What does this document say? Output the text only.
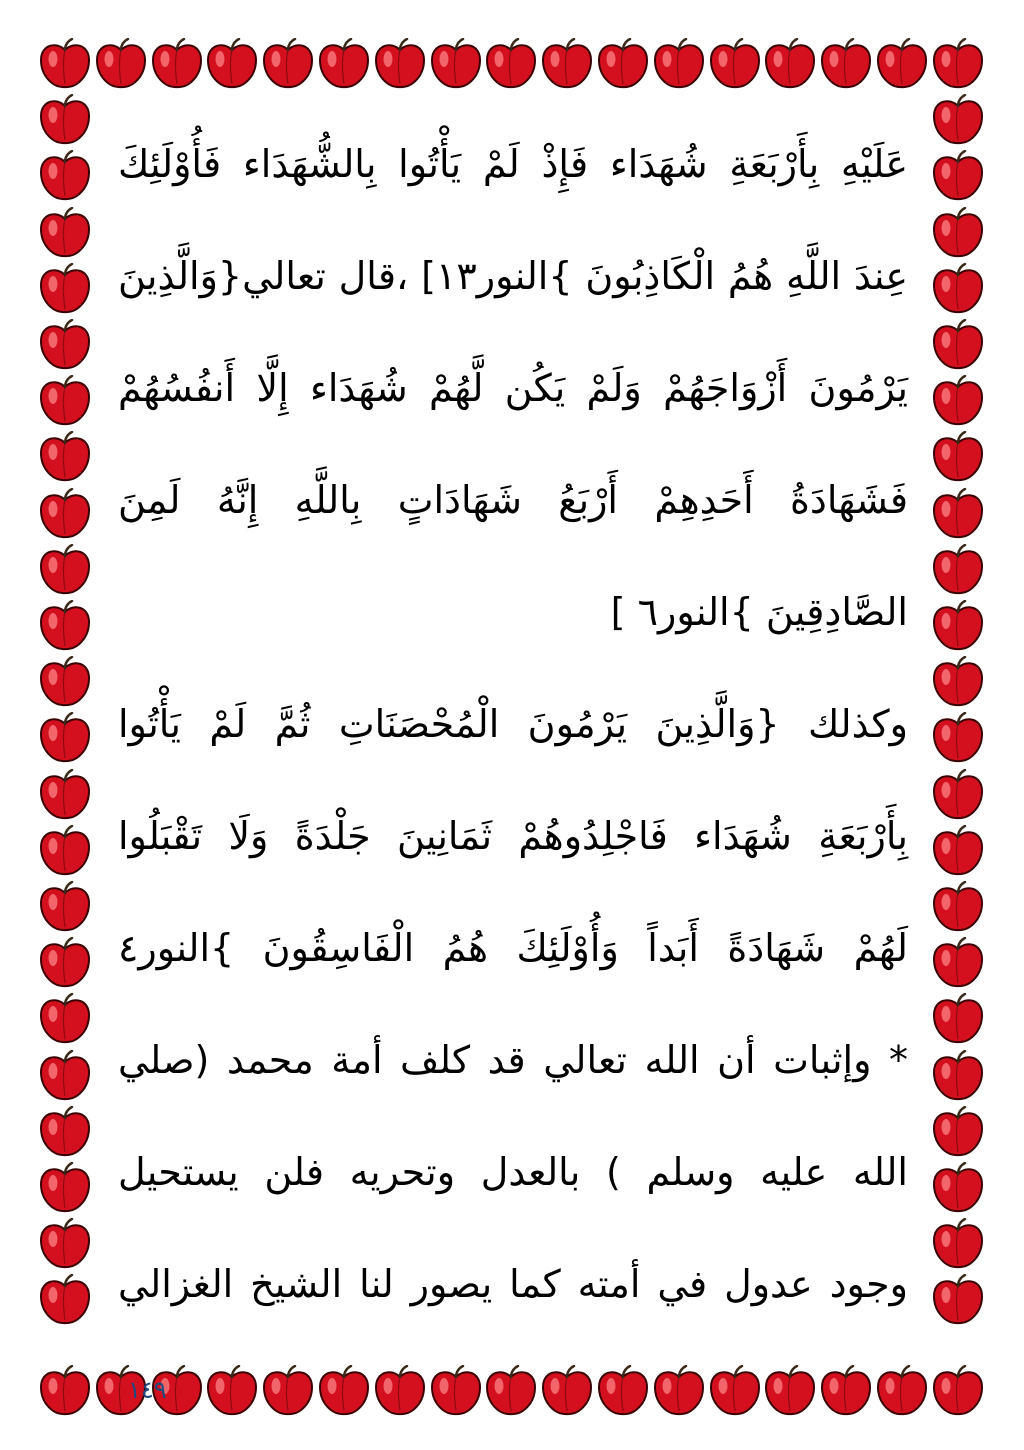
عَلَيْهِ بِأَرْبَعَةِ شُهَدَاء فَإِذْ لَمْ يَأْتُوا بِالشُّهَدَاء فَأُوْلَئِكَ
عِندَ اللَّهِ هُمُ الْكَاذِبُونَ }النور١٣] ،قال تعالي{وَالَّذِينَ
يَرْمُونَ أَزْوَاجَهُمْ وَلَمْ يَكُن لَّهُمْ شُهَدَاء إِلَّا أَنفُسُهُمْ
فَشَهَادَةُ أَحَدِهِمْ أَرْبَعُ شَهَادَاتٍ بِاللَّهِ إِنَّهُ لَمِنَ
الصَّادِقِينَ }النور٦ ]
وكذلك {وَالَّذِينَ يَرْمُونَ الْمُحْصَنَاتِ ثُمَّ لَمْ يَأْتُوا
بِأَرْبَعَةِ شُهَدَاء فَاجْلِدُوهُمْ ثَمَانِينَ جَلْدَةً وَلَا تَقْبَلُوا
لَهُمْ شَهَادَةً أَبَداً وَأُوْلَئِكَ هُمُ الْفَاسِقُونَ }النور٤
* وإثبات أن الله تعالي قد كلف أمة محمد (صلي
الله عليه وسلم ) بالعدل وتحريه فلن يستحيل
وجود عدول في أمته كما يصور لنا الشيخ الغزالي
١٤٩
